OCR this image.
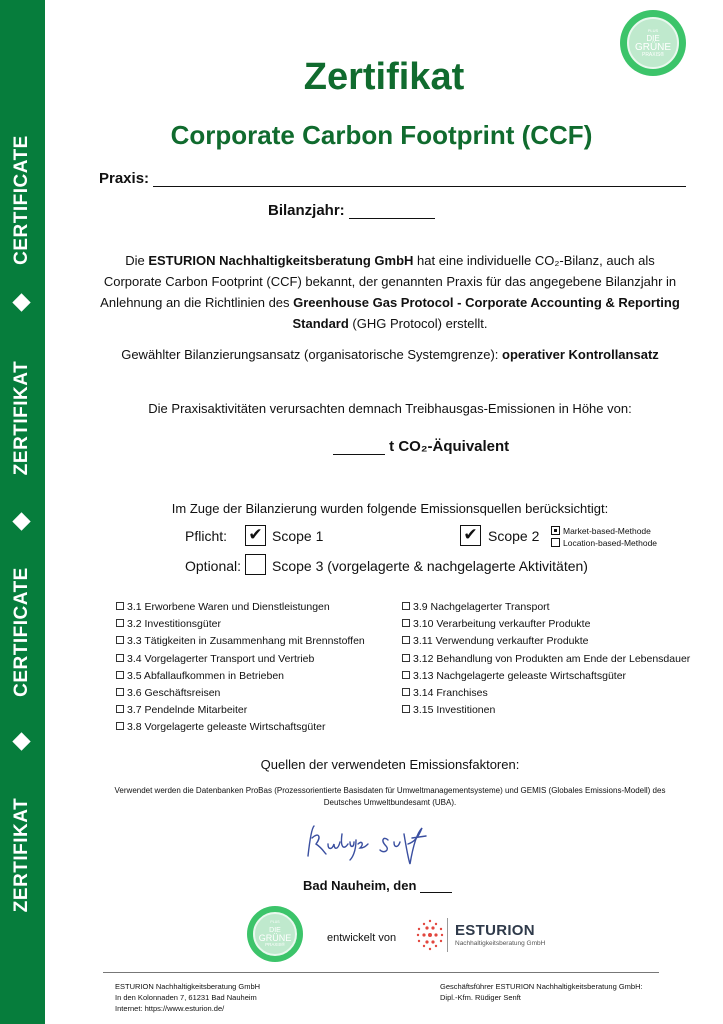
CERTIFICATE
ZERTIFIKAT
CERTIFICATE
ZERTIFIKAT
PLUS
DIE
GRÜNE
PRAXIS®
Zertifikat
Corporate Carbon Footprint (CCF)
Praxis:
Bilanzjahr:
Die ESTURION Nachhaltigkeitsberatung GmbH hat eine individuelle CO₂-Bilanz, auch als Corporate Carbon Footprint (CCF) bekannt, der genannten Praxis für das angegebene Bilanzjahr in Anlehnung an die Richtlinien des Greenhouse Gas Protocol - Corporate Accounting & Reporting Standard (GHG Protocol) erstellt.
Gewählter Bilanzierungsansatz (organisatorische Systemgrenze): operativer Kontrollansatz
Die Praxisaktivitäten verursachten demnach Treibhausgas-Emissionen in Höhe von:
t CO₂-Äquivalent
Im Zuge der Bilanzierung wurden folgende Emissionsquellen berücksichtigt:
Pflicht: ✔ Scope 1	✔ Scope 2	Market-based-Methode
Location-based-Methode
Optional: Scope 3 (vorgelagerte & nachgelagerte Aktivitäten)
3.1 Erworbene Waren und Dienstleistungen
3.2 Investitionsgüter
3.3 Tätigkeiten in Zusammenhang mit Brennstoffen
3.4 Vorgelagerter Transport und Vertrieb
3.5 Abfallaufkommen in Betrieben
3.6 Geschäftsreisen
3.7 Pendelnde Mitarbeiter
3.8 Vorgelagerte geleaste Wirtschaftsgüter
3.9 Nachgelagerter Transport
3.10 Verarbeitung verkaufter Produkte
3.11 Verwendung verkaufter Produkte
3.12 Behandlung von Produkten am Ende der Lebensdauer
3.13 Nachgelagerte geleaste Wirtschaftsgüter
3.14 Franchises
3.15 Investitionen
Quellen der verwendeten Emissionsfaktoren:
Verwendet werden die Datenbanken ProBas (Prozessorientierte Basisdaten für Umweltmanagementsysteme) und GEMIS (Globales Emissions-Modell) des Deutsches Umweltbundesamt (UBA).
Bad Nauheim, den
PLUS
DIE
GRÜNE
PRAXIS®	entwickelt von	ESTURION
Nachhaltigkeitsberatung GmbH
ESTURION Nachhaltigkeitsberatung GmbH
In den Kolonnaden 7, 61231 Bad Nauheim
Internet: https://www.esturion.de/
Geschäftsführer ESTURION Nachhaltigkeitsberatung GmbH:
Dipl.-Kfm. Rüdiger Senft
